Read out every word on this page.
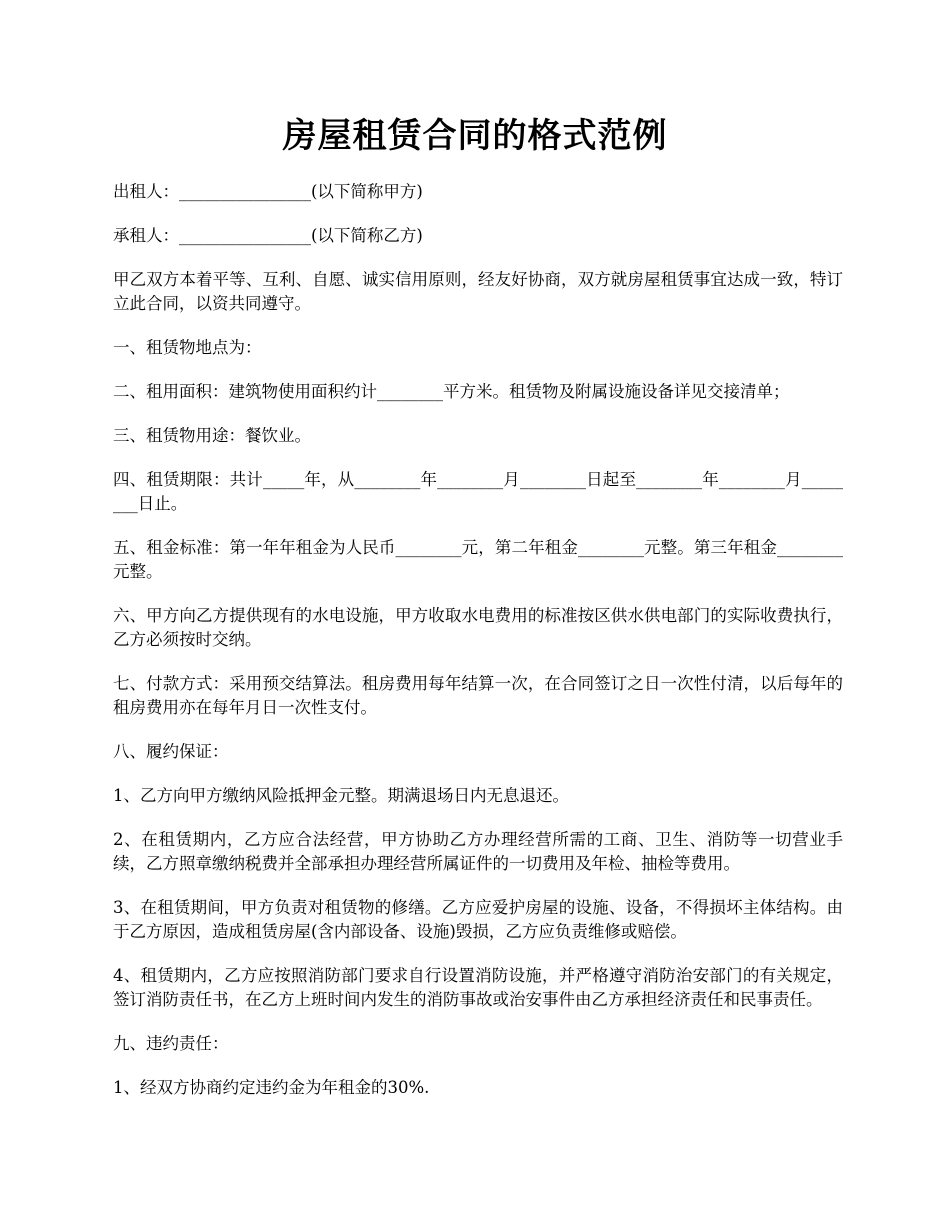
房屋租赁合同的格式范例

出租人：________________(以下简称甲方)

承租人：________________(以下简称乙方)

甲乙双方本着平等、互利、自愿、诚实信用原则，经友好协商，双方就房屋租赁事宜达成一致，特订立此合同，以资共同遵守。

一、租赁物地点为：

二、租用面积：建筑物使用面积约计________平方米。租赁物及附属设施设备详见交接清单；

三、租赁物用途：餐饮业。

四、租赁期限：共计_____年，从________年________月________日起至________年________月________日止。

五、租金标准：第一年年租金为人民币________元，第二年租金________元整。第三年租金________元整。

六、甲方向乙方提供现有的水电设施，甲方收取水电费用的标准按区供水供电部门的实际收费执行，乙方必须按时交纳。

七、付款方式：采用预交结算法。租房费用每年结算一次，在合同签订之日一次性付清，以后每年的租房费用亦在每年月日一次性支付。

八、履约保证：

1、乙方向甲方缴纳风险抵押金元整。期满退场日内无息退还。

2、在租赁期内，乙方应合法经营，甲方协助乙方办理经营所需的工商、卫生、消防等一切营业手续，乙方照章缴纳税费并全部承担办理经营所属证件的一切费用及年检、抽检等费用。

3、在租赁期间，甲方负责对租赁物的修缮。乙方应爱护房屋的设施、设备，不得损坏主体结构。由于乙方原因，造成租赁房屋(含内部设备、设施)毁损，乙方应负责维修或赔偿。

4、租赁期内，乙方应按照消防部门要求自行设置消防设施，并严格遵守消防治安部门的有关规定，签订消防责任书，在乙方上班时间内发生的消防事故或治安事件由乙方承担经济责任和民事责任。

九、违约责任：

1、经双方协商约定违约金为年租金的30%.
